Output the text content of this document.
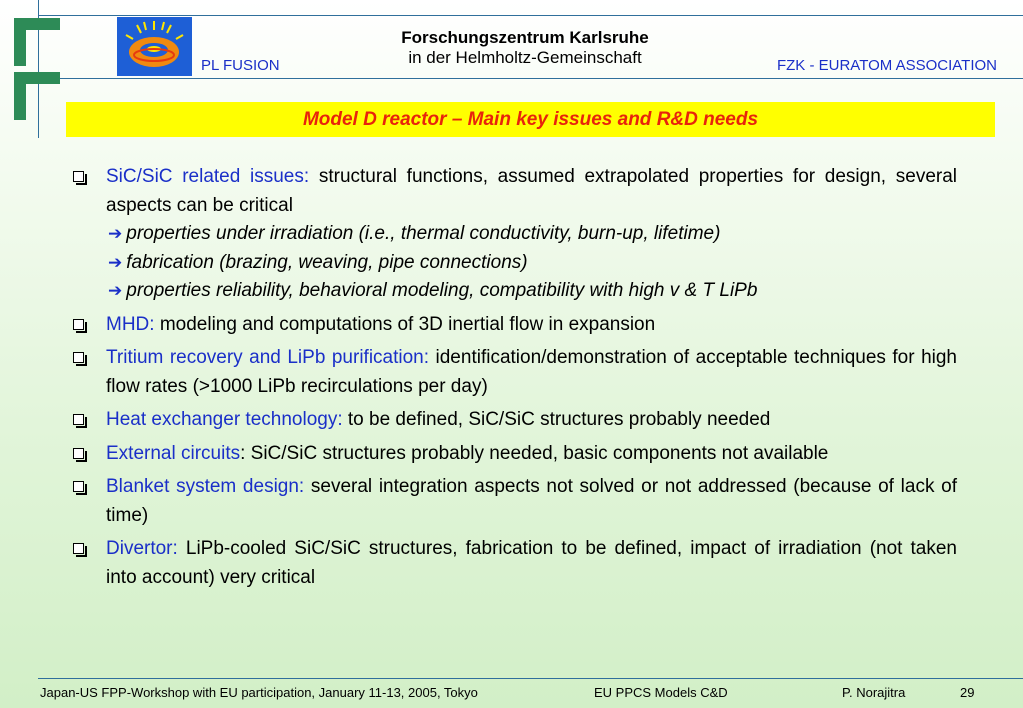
PL FUSION
Forschungszentrum Karlsruhe
in der Helmholtz-Gemeinschaft	FZK - EURATOM ASSOCIATION
Model D reactor – Main key issues and R&D needs
SiC/SiC related issues: structural functions, assumed extrapolated properties for design, several aspects can be critical
➔ properties under irradiation (i.e., thermal conductivity, burn-up, lifetime)
➔ fabrication (brazing, weaving, pipe connections)
➔ properties reliability, behavioral modeling, compatibility with high v & T LiPb
MHD: modeling and computations of 3D inertial flow in expansion
Tritium recovery and LiPb purification: identification/demonstration of acceptable techniques for high flow rates (>1000 LiPb recirculations per day)
Heat exchanger technology: to be defined, SiC/SiC structures probably needed
External circuits: SiC/SiC structures probably needed, basic components not available
Blanket system design: several integration aspects not solved or not addressed (because of lack of time)
Divertor: LiPb-cooled SiC/SiC structures, fabrication to be defined, impact of irradiation (not taken into account) very critical
Japan-US FPP-Workshop with EU participation, January 11-13, 2005, Tokyo	EU PPCS Models C&D	P. Norajitra	29
